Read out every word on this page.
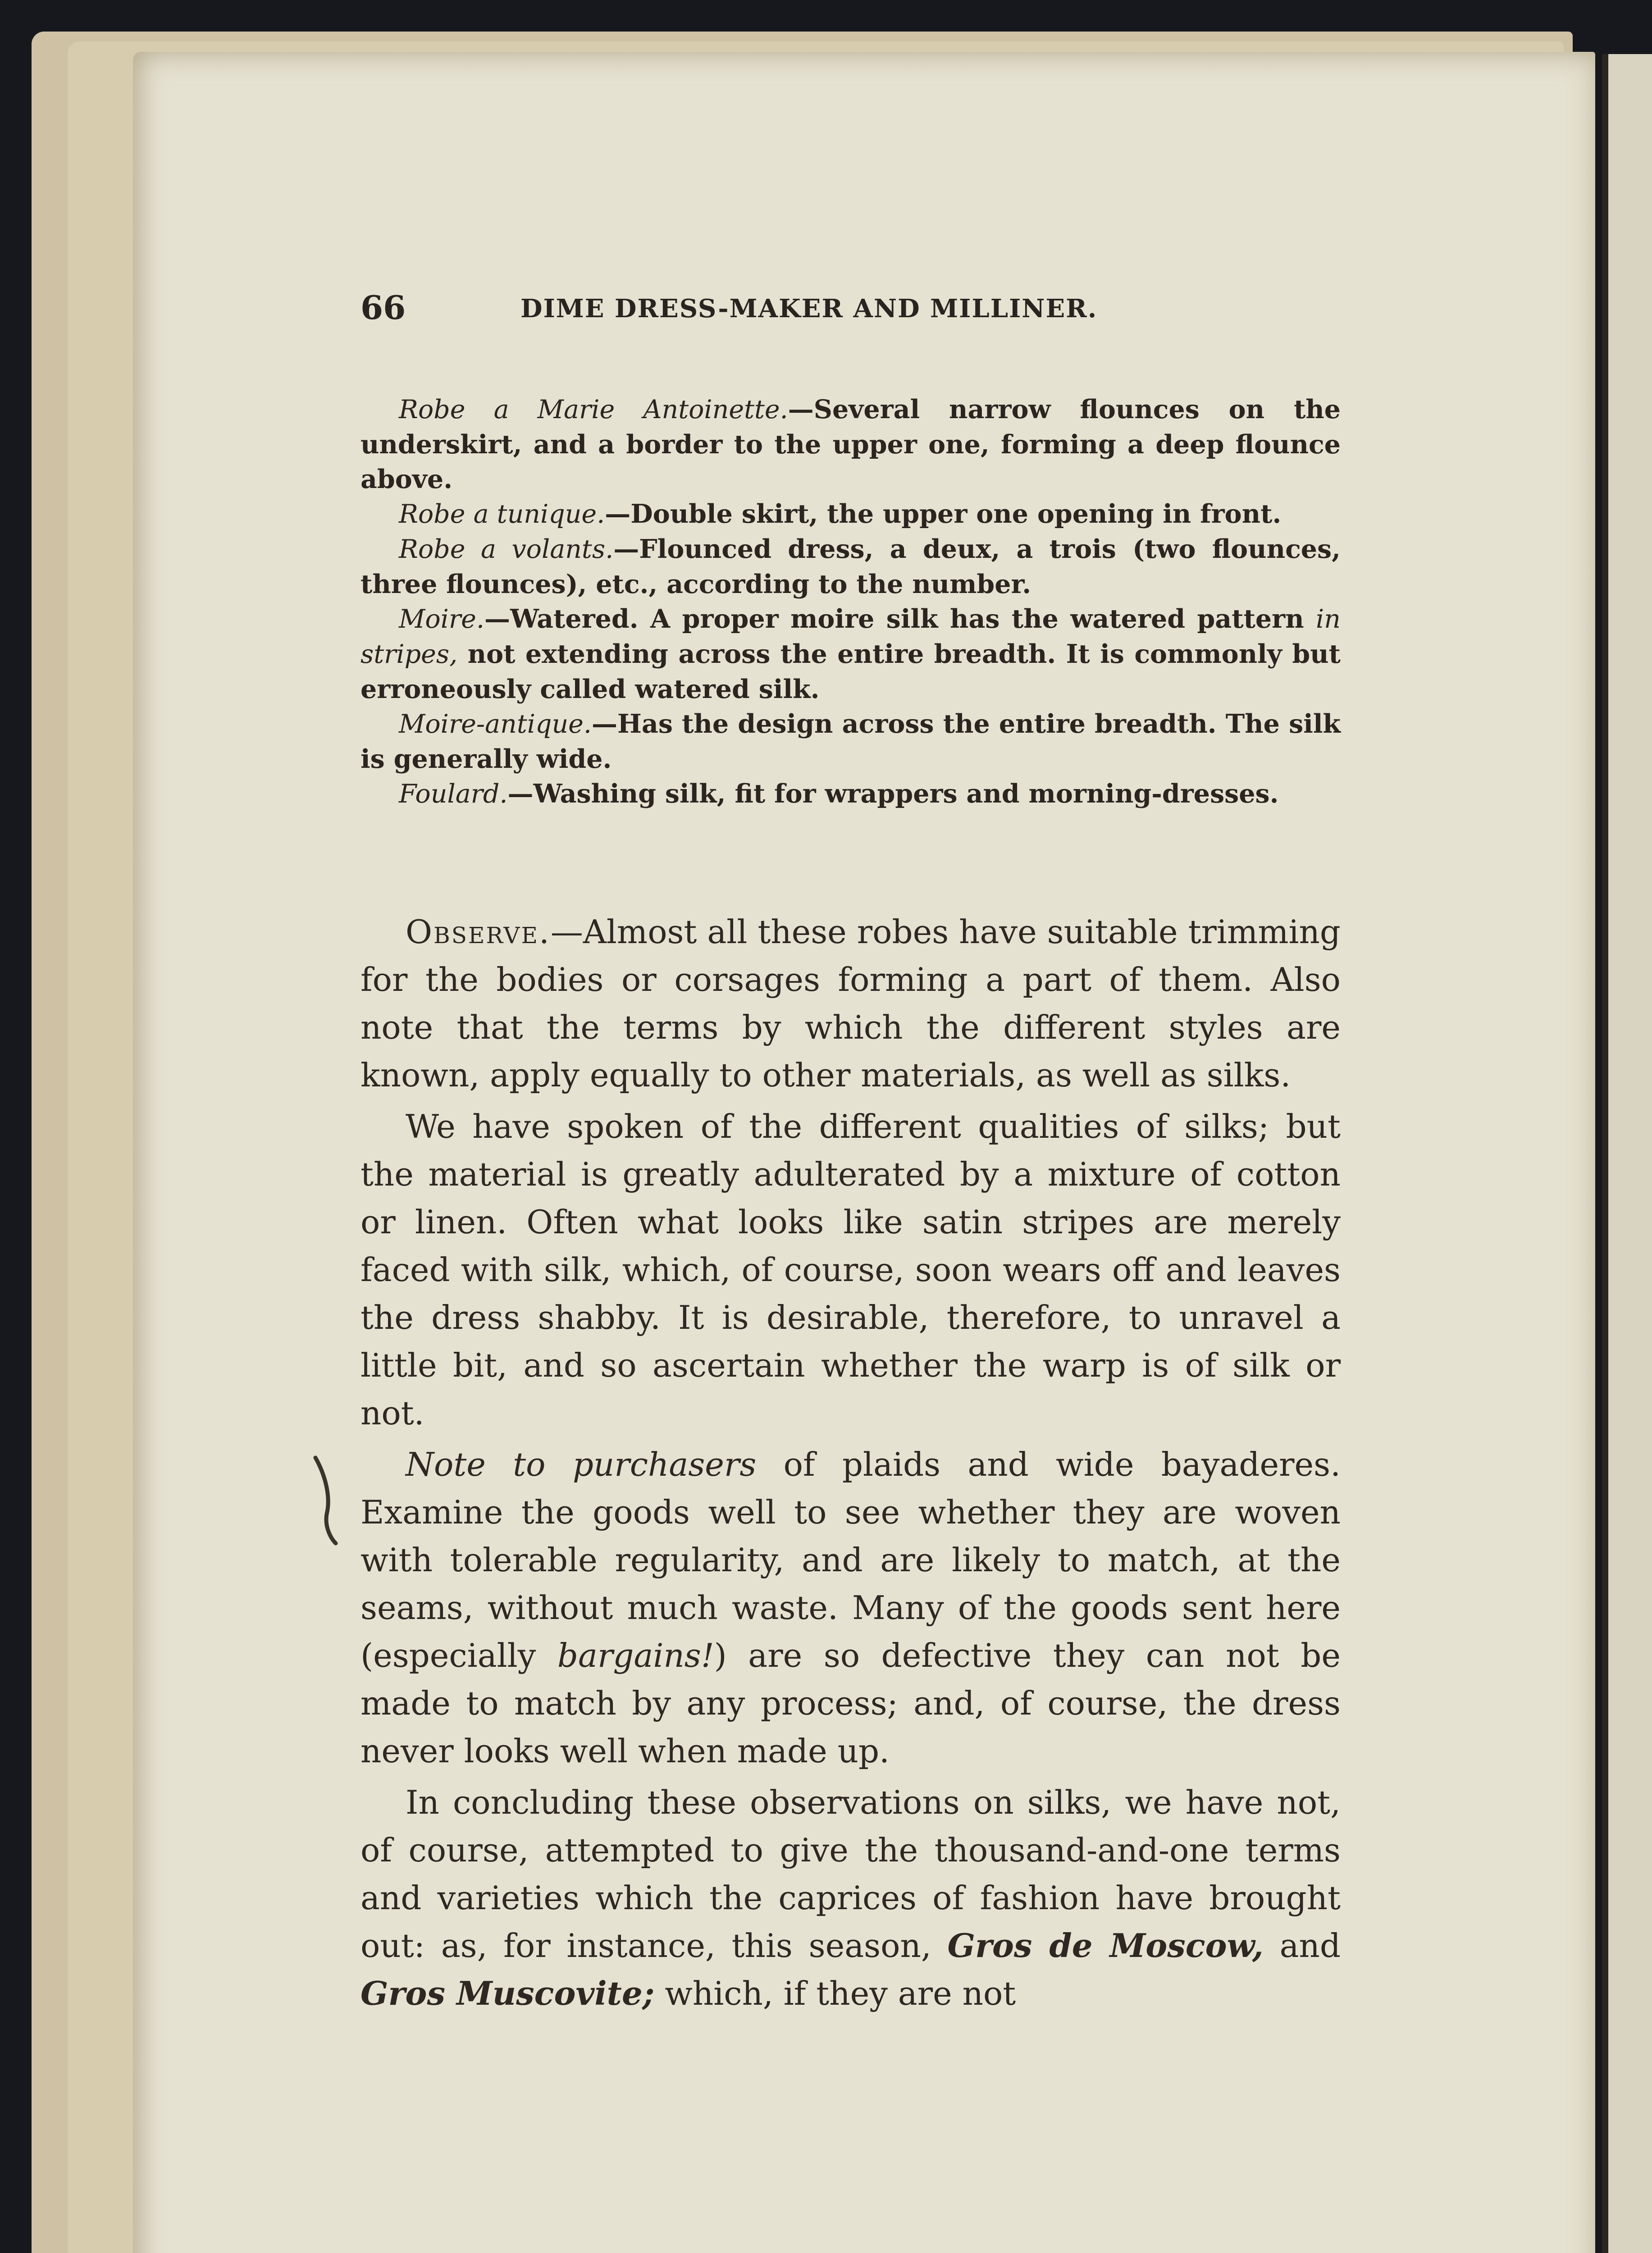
66	DIME DRESS-MAKER AND MILLINER.

Robe a Marie Antoinette.—Several narrow flounces on the underskirt, and a border to the upper one, forming a deep flounce above.

Robe a tunique.—Double skirt, the upper one opening in front.

Robe a volants.—Flounced dress, a deux, a trois (two flounces, three flounces), etc., according to the number.

Moire.—Watered. A proper moire silk has the watered pattern in stripes, not extending across the entire breadth. It is commonly but erroneously called watered silk.

Moire-antique.—Has the design across the entire breadth. The silk is generally wide.

Foulard.—Washing silk, fit for wrappers and morning-dresses.

Observe.—Almost all these robes have suitable trimming for the bodies or corsages forming a part of them. Also note that the terms by which the different styles are known, apply equally to other materials, as well as silks.

We have spoken of the different qualities of silks; but the material is greatly adulterated by a mixture of cotton or linen. Often what looks like satin stripes are merely faced with silk, which, of course, soon wears off and leaves the dress shabby. It is desirable, therefore, to unravel a little bit, and so ascertain whether the warp is of silk or not.

Note to purchasers of plaids and wide bayaderes. Examine the goods well to see whether they are woven with tolerable regularity, and are likely to match, at the seams, without much waste. Many of the goods sent here (especially bargains!) are so defective they can not be made to match by any process; and, of course, the dress never looks well when made up.

In concluding these observations on silks, we have not, of course, attempted to give the thousand-and-one terms and varieties which the caprices of fashion have brought out: as, for instance, this season, Gros de Moscow, and Gros Muscovite; which, if they are not
